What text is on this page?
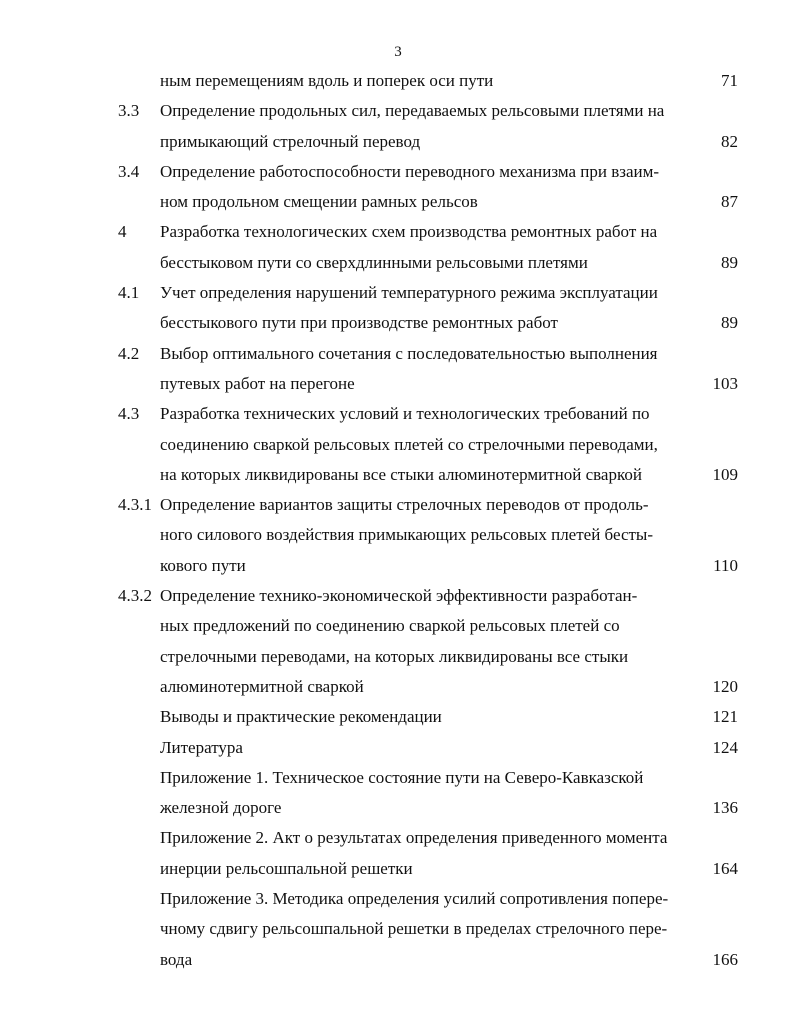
3
ным перемещениям вдоль и поперек оси пути	71
3.3 Определение продольных сил, передаваемых рельсовыми плетями на
примыкающий стрелочный перевод	82
3.4 Определение работоспособности переводного механизма при взаим-
ном продольном смещении рамных рельсов	87
4 Разработка технологических схем производства ремонтных работ на
бесстыковом пути со сверхдлинными рельсовыми плетями	89
4.1 Учет определения нарушений температурного режима эксплуатации
бесстыкового пути при производстве ремонтных работ	89
4.2 Выбор оптимального сочетания с последовательностью выполнения
путевых работ на перегоне	103
4.3 Разработка технических условий и технологических требований по
соединению сваркой рельсовых плетей со стрелочными переводами,
на которых ликвидированы все стыки алюминотермитной сваркой	109
4.3.1 Определение вариантов защиты стрелочных переводов от продоль-
ного силового воздействия примыкающих рельсовых плетей бесты-
кового пути	110
4.3.2 Определение технико-экономической эффективности разработан-
ных предложений по соединению сваркой рельсовых плетей со
стрелочными переводами, на которых ликвидированы все стыки
алюминотермитной сваркой	120
Выводы и практические рекомендации	121
Литература	124
Приложение 1. Техническое состояние пути на Северо-Кавказской
железной дороге	136
Приложение 2. Акт о результатах определения приведенного момента
инерции рельсошпальной решетки	164
Приложение 3. Методика определения усилий сопротивления попере-
чному сдвигу рельсошпальной решетки в пределах стрелочного пере-
вода	166
